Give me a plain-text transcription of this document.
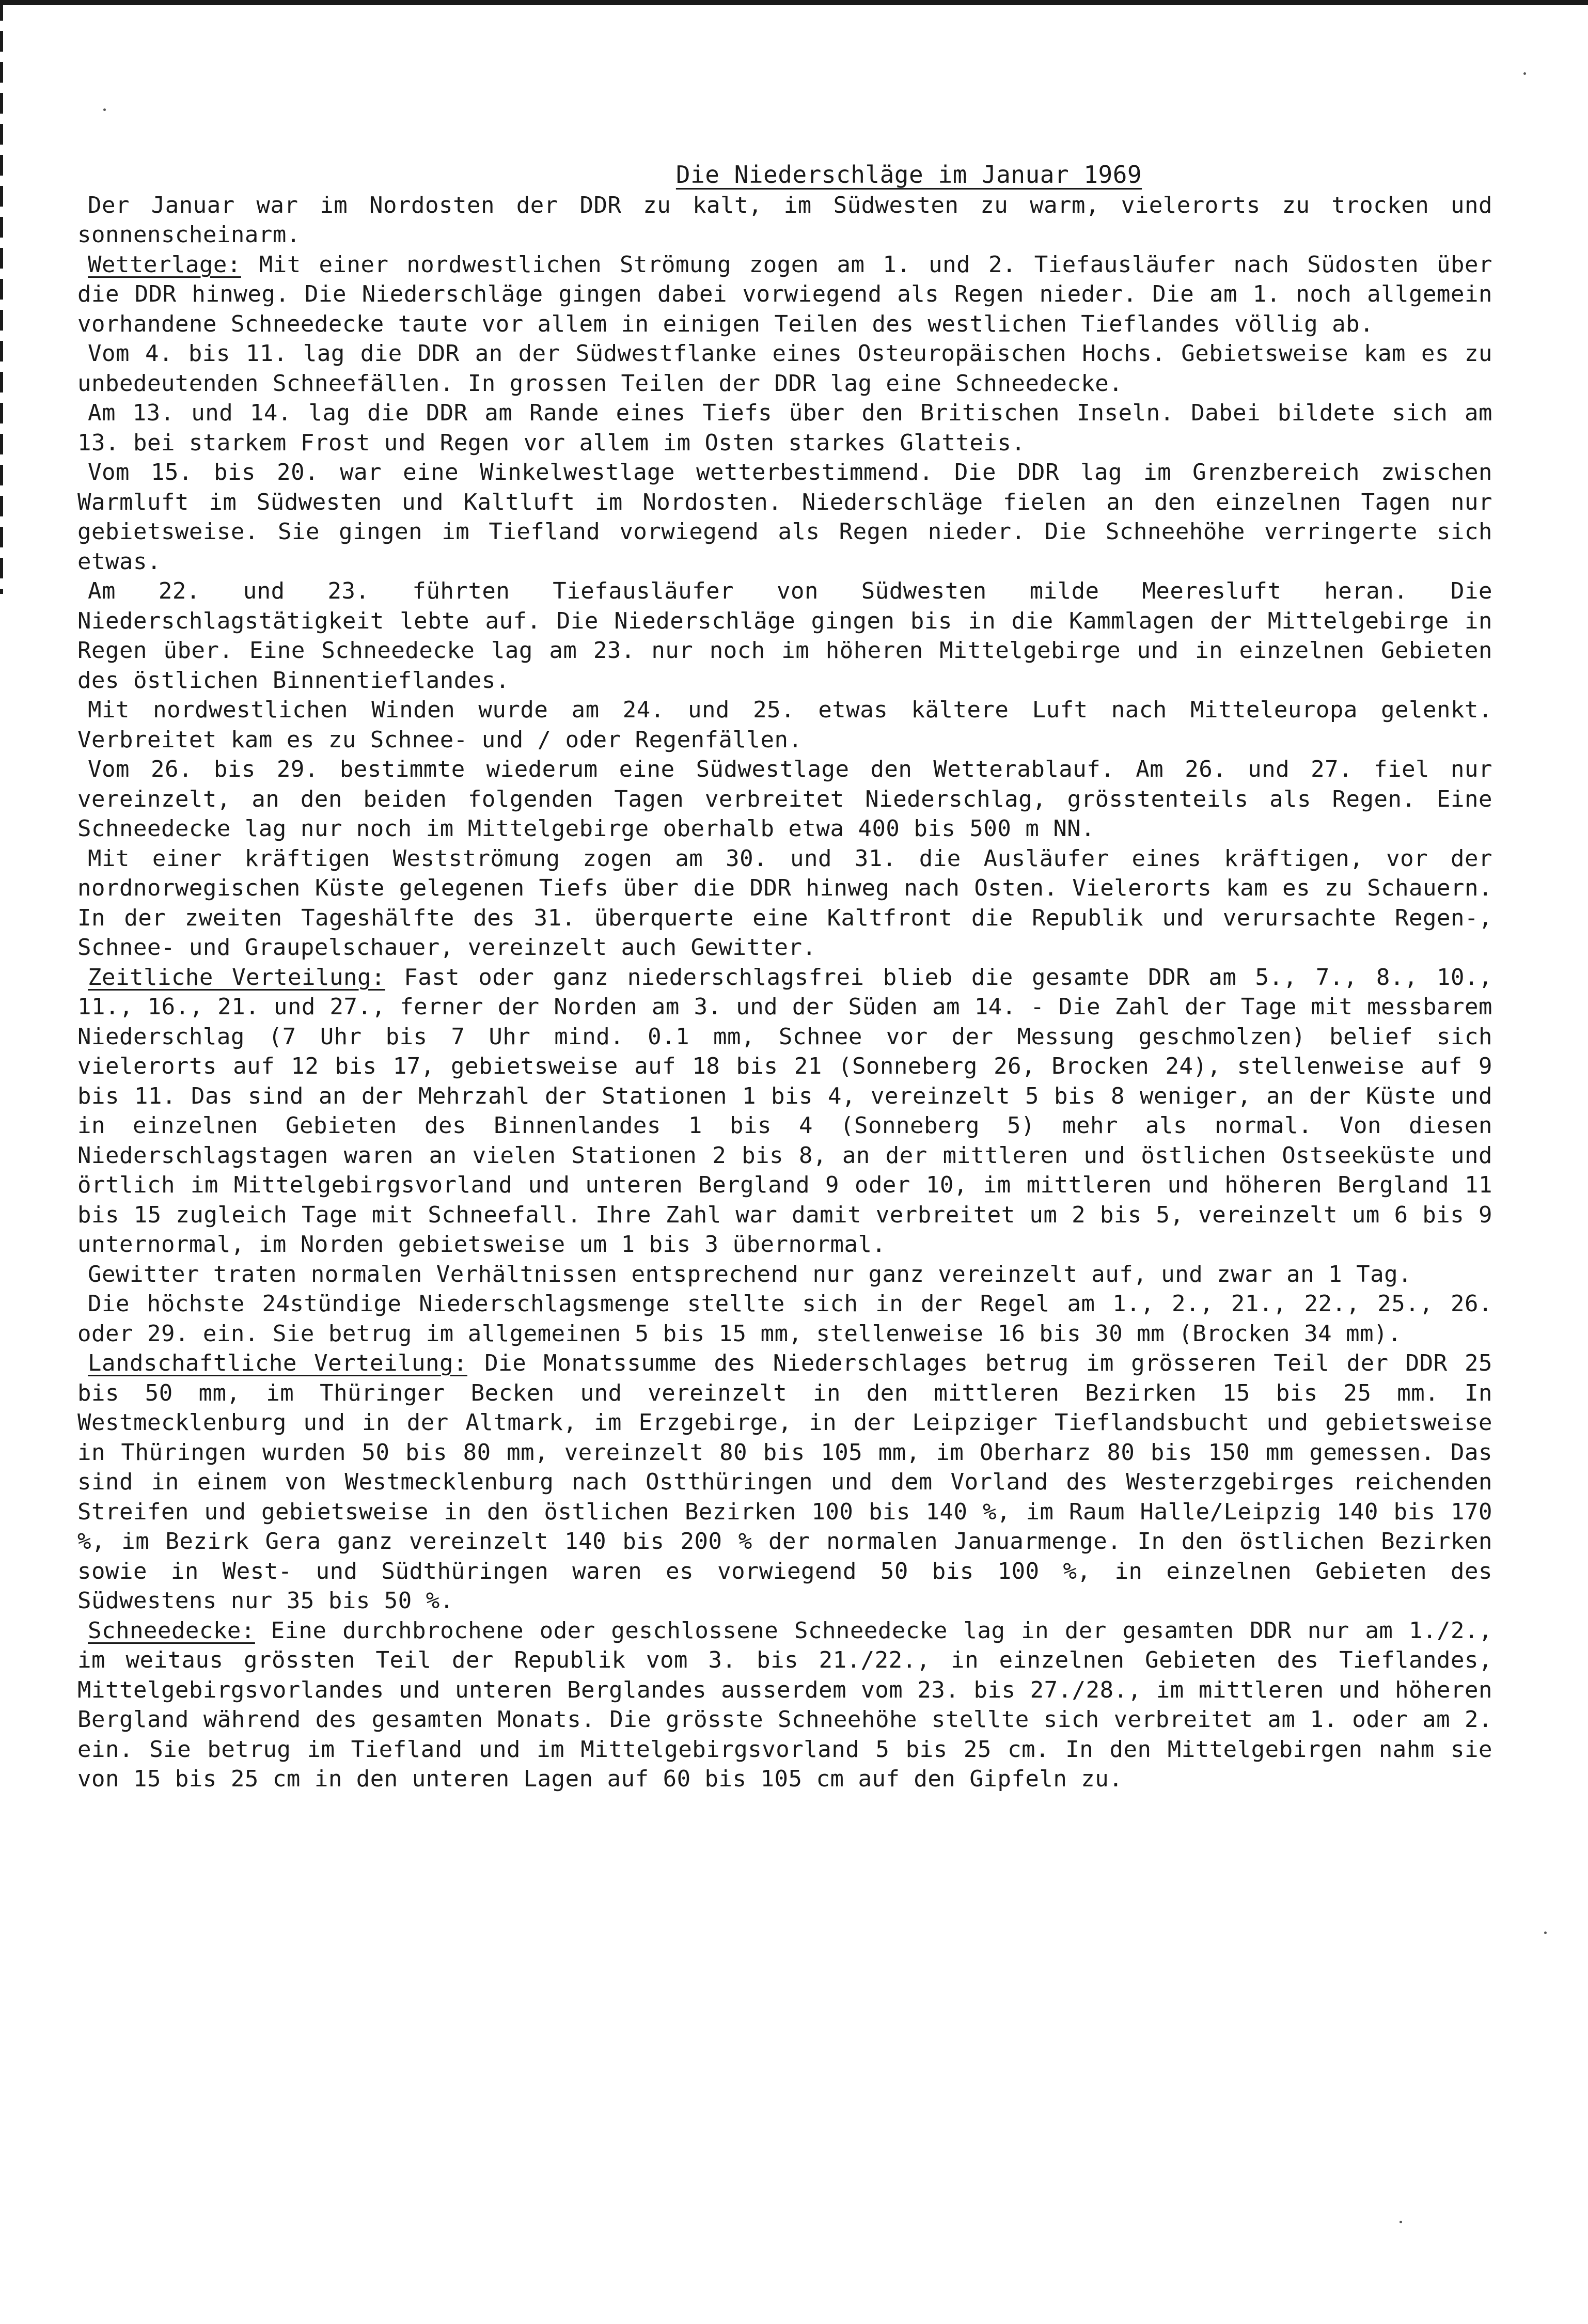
Die Niederschläge im Januar 1969

Der Januar war im Nordosten der DDR zu kalt, im Südwesten zu warm, vielerorts zu trocken und sonnenscheinarm.

Wetterlage: Mit einer nordwestlichen Strömung zogen am 1. und 2. Tiefausläufer nach Südosten über die DDR hinweg. Die Niederschläge gingen dabei vorwiegend als Regen nieder. Die am 1. noch allgemein vorhandene Schneedecke taute vor allem in einigen Teilen des westlichen Tieflandes völlig ab.

Vom 4. bis 11. lag die DDR an der Südwestflanke eines Osteuropäischen Hochs. Gebietsweise kam es zu unbedeutenden Schneefällen. In grossen Teilen der DDR lag eine Schneedecke.

Am 13. und 14. lag die DDR am Rande eines Tiefs über den Britischen Inseln. Dabei bildete sich am 13. bei starkem Frost und Regen vor allem im Osten starkes Glatteis.

Vom 15. bis 20. war eine Winkelwestlage wetterbestimmend. Die DDR lag im Grenzbereich zwischen Warmluft im Südwesten und Kaltluft im Nordosten. Niederschläge fielen an den einzelnen Tagen nur gebietsweise. Sie gingen im Tiefland vorwiegend als Regen nieder. Die Schneehöhe verringerte sich etwas.

Am 22. und 23. führten Tiefausläufer von Südwesten milde Meeresluft heran. Die Niederschlagstätigkeit lebte auf. Die Niederschläge gingen bis in die Kammlagen der Mittelgebirge in Regen über. Eine Schneedecke lag am 23. nur noch im höheren Mittelgebirge und in einzelnen Gebieten des östlichen Binnentieflandes.

Mit nordwestlichen Winden wurde am 24. und 25. etwas kältere Luft nach Mitteleuropa gelenkt. Verbreitet kam es zu Schnee- und / oder Regenfällen.

Vom 26. bis 29. bestimmte wiederum eine Südwestlage den Wetterablauf. Am 26. und 27. fiel nur vereinzelt, an den beiden folgenden Tagen verbreitet Niederschlag, grösstenteils als Regen. Eine Schneedecke lag nur noch im Mittelgebirge oberhalb etwa 400 bis 500 m NN.

Mit einer kräftigen Westströmung zogen am 30. und 31. die Ausläufer eines kräftigen, vor der nordnorwegischen Küste gelegenen Tiefs über die DDR hinweg nach Osten. Vielerorts kam es zu Schauern. In der zweiten Tageshälfte des 31. überquerte eine Kaltfront die Republik und verursachte Regen-, Schnee- und Graupelschauer, vereinzelt auch Gewitter.

Zeitliche Verteilung: Fast oder ganz niederschlagsfrei blieb die gesamte DDR am 5., 7., 8., 10., 11., 16., 21. und 27., ferner der Norden am 3. und der Süden am 14. - Die Zahl der Tage mit messbarem Niederschlag (7 Uhr bis 7 Uhr mind. 0.1 mm, Schnee vor der Messung geschmolzen) belief sich vielerorts auf 12 bis 17, gebietsweise auf 18 bis 21 (Sonneberg 26, Brocken 24), stellenweise auf 9 bis 11. Das sind an der Mehrzahl der Stationen 1 bis 4, vereinzelt 5 bis 8 weniger, an der Küste und in einzelnen Gebieten des Binnenlandes 1 bis 4 (Sonneberg 5) mehr als normal. Von diesen Niederschlagstagen waren an vielen Stationen 2 bis 8, an der mittleren und östlichen Ostseeküste und örtlich im Mittelgebirgsvorland und unteren Bergland 9 oder 10, im mittleren und höheren Bergland 11 bis 15 zugleich Tage mit Schneefall. Ihre Zahl war damit verbreitet um 2 bis 5, vereinzelt um 6 bis 9 unternormal, im Norden gebietsweise um 1 bis 3 übernormal.

Gewitter traten normalen Verhältnissen entsprechend nur ganz vereinzelt auf, und zwar an 1 Tag.

Die höchste 24stündige Niederschlagsmenge stellte sich in der Regel am 1., 2., 21., 22., 25., 26. oder 29. ein. Sie betrug im allgemeinen 5 bis 15 mm, stellenweise 16 bis 30 mm (Brocken 34 mm).

Landschaftliche Verteilung: Die Monatssumme des Niederschlages betrug im grösseren Teil der DDR 25 bis 50 mm, im Thüringer Becken und vereinzelt in den mittleren Bezirken 15 bis 25 mm. In Westmecklenburg und in der Altmark, im Erzgebirge, in der Leipziger Tieflandsbucht und gebietsweise in Thüringen wurden 50 bis 80 mm, vereinzelt 80 bis 105 mm, im Oberharz 80 bis 150 mm gemessen. Das sind in einem von Westmecklenburg nach Ostthüringen und dem Vorland des Westerzgebirges reichenden Streifen und gebietsweise in den östlichen Bezirken 100 bis 140 %, im Raum Halle/Leipzig 140 bis 170 %, im Bezirk Gera ganz vereinzelt 140 bis 200 % der normalen Januarmenge. In den östlichen Bezirken sowie in West- und Südthüringen waren es vorwiegend 50 bis 100 %, in einzelnen Gebieten des Südwestens nur 35 bis 50 %.

Schneedecke: Eine durchbrochene oder geschlossene Schneedecke lag in der gesamten DDR nur am 1./2., im weitaus grössten Teil der Republik vom 3. bis 21./22., in einzelnen Gebieten des Tieflandes, Mittelgebirgsvorlandes und unteren Berglandes ausserdem vom 23. bis 27./28., im mittleren und höheren Bergland während des gesamten Monats. Die grösste Schneehöhe stellte sich verbreitet am 1. oder am 2. ein. Sie betrug im Tiefland und im Mittelgebirgsvorland 5 bis 25 cm. In den Mittelgebirgen nahm sie von 15 bis 25 cm in den unteren Lagen auf 60 bis 105 cm auf den Gipfeln zu.
